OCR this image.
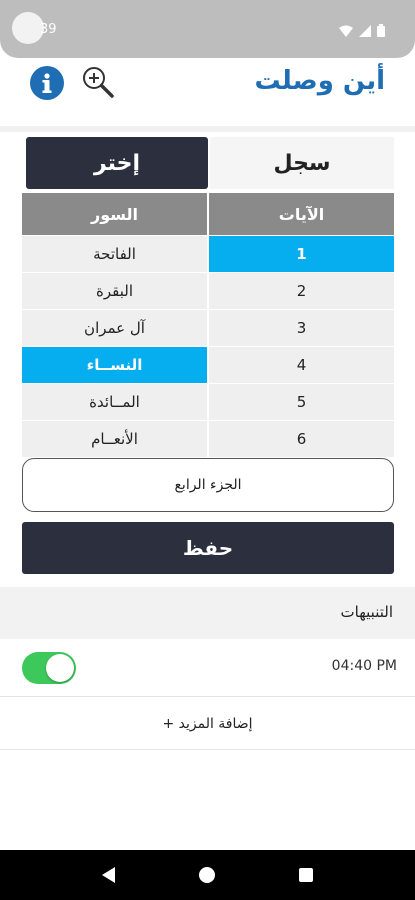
39
أين وصلت
إختر	سجل
السور	الآيات
الفاتحة	1
البقرة	2
آل عمران	3
النســاء	4
المــائدة	5
الأنعــام	6
الجزء الرابع
حفظ
التنبيهات
04:40 PM
إضافة المزيد +
